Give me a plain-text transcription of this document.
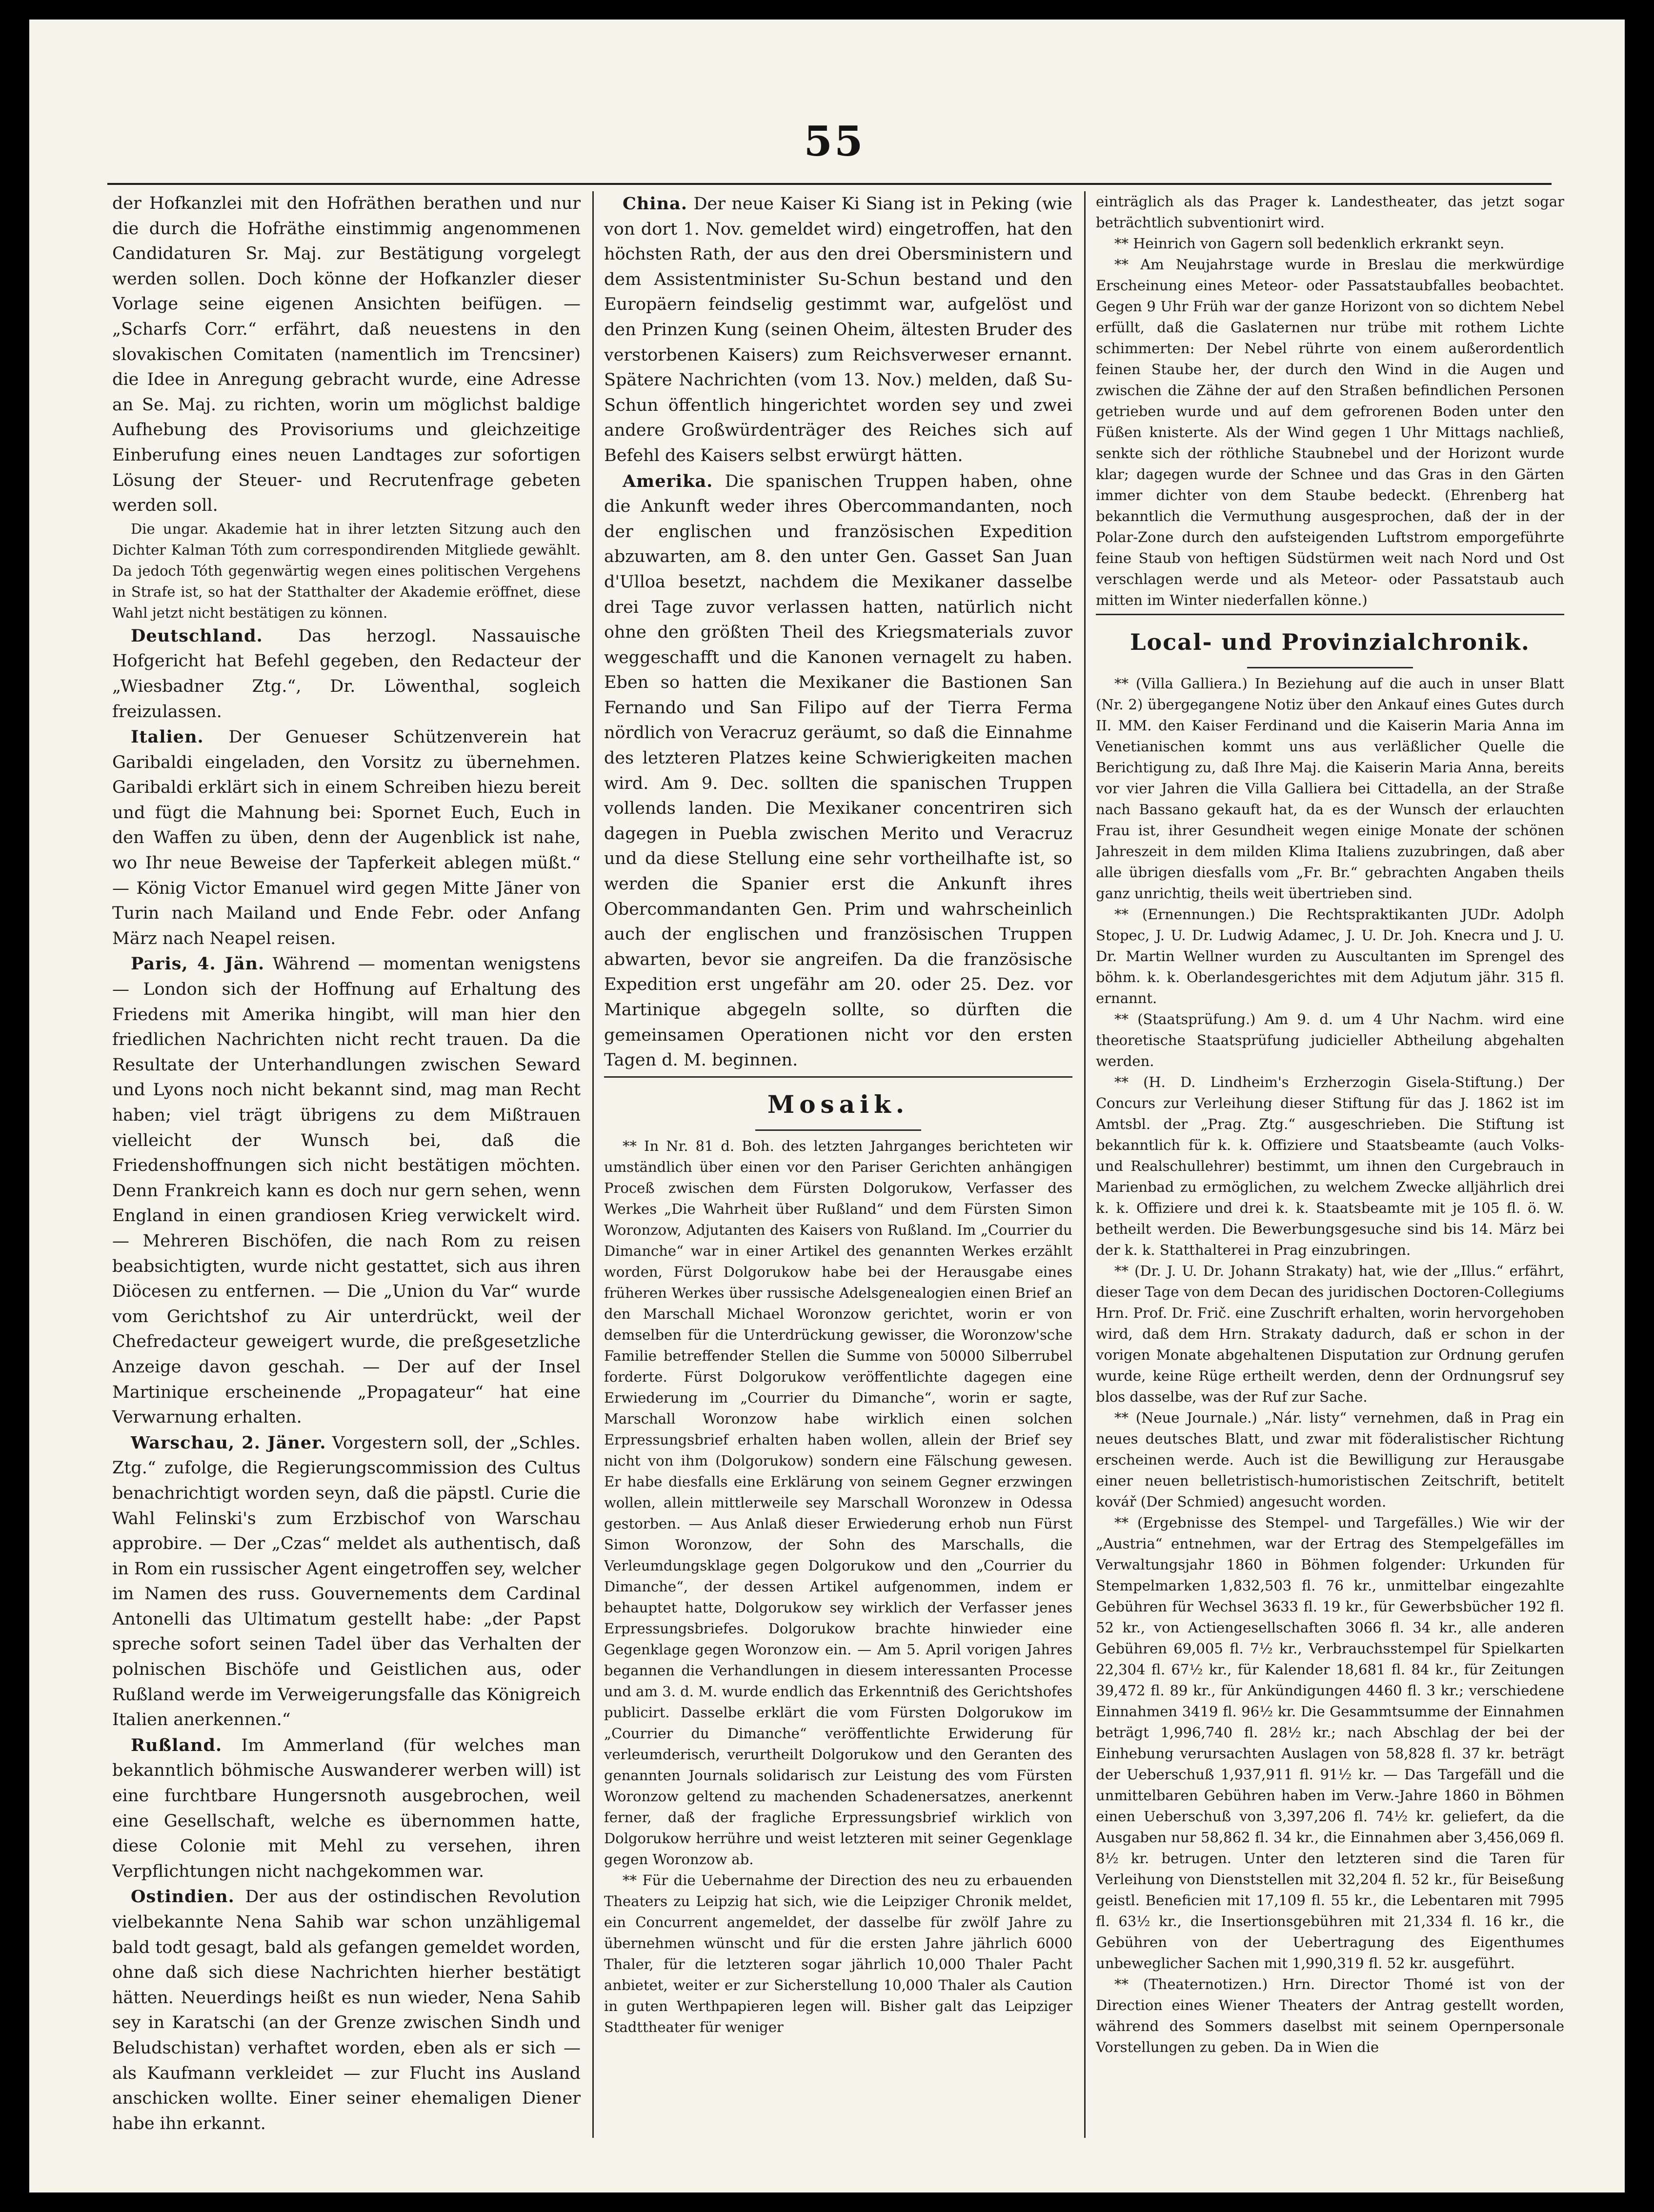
55

der Hofkanzlei mit den Hofräthen berathen und nur die durch die Hofräthe einstimmig angenommenen Candidaturen Sr. Maj. zur Bestätigung vorgelegt werden sollen. Doch könne der Hofkanzler dieser Vorlage seine eigenen Ansichten beifügen. — „Scharfs Corr.“ erfährt, daß neuestens in den slovakischen Comitaten (namentlich im Trencsiner) die Idee in Anregung gebracht wurde, eine Adresse an Se. Maj. zu richten, worin um möglichst baldige Aufhebung des Provisoriums und gleichzeitige Einberufung eines neuen Landtages zur sofortigen Lösung der Steuer- und Recrutenfrage gebeten werden soll.

Die ungar. Akademie hat in ihrer letzten Sitzung auch den Dichter Kalman Tóth zum correspondirenden Mitgliede gewählt. Da jedoch Tóth gegenwärtig wegen eines politischen Vergehens in Strafe ist, so hat der Statthalter der Akademie eröffnet, diese Wahl jetzt nicht bestätigen zu können.

Deutschland. Das herzogl. Nassauische Hofgericht hat Befehl gegeben, den Redacteur der „Wiesbadner Ztg.“, Dr. Löwenthal, sogleich freizulassen.

Italien. Der Genueser Schützenverein hat Garibaldi eingeladen, den Vorsitz zu übernehmen. Garibaldi erklärt sich in einem Schreiben hiezu bereit und fügt die Mahnung bei: Spornet Euch, Euch in den Waffen zu üben, denn der Augenblick ist nahe, wo Ihr neue Beweise der Tapferkeit ablegen müßt.“ — König Victor Emanuel wird gegen Mitte Jäner von Turin nach Mailand und Ende Febr. oder Anfang März nach Neapel reisen.

Paris, 4. Jän. Während — momentan wenigstens — London sich der Hoffnung auf Erhaltung des Friedens mit Amerika hingibt, will man hier den friedlichen Nachrichten nicht recht trauen. Da die Resultate der Unterhandlungen zwischen Seward und Lyons noch nicht bekannt sind, mag man Recht haben; viel trägt übrigens zu dem Mißtrauen vielleicht der Wunsch bei, daß die Friedenshoffnungen sich nicht bestätigen möchten. Denn Frankreich kann es doch nur gern sehen, wenn England in einen grandiosen Krieg verwickelt wird. — Mehreren Bischöfen, die nach Rom zu reisen beabsichtigten, wurde nicht gestattet, sich aus ihren Diöcesen zu entfernen. — Die „Union du Var“ wurde vom Gerichtshof zu Air unterdrückt, weil der Chefredacteur geweigert wurde, die preßgesetzliche Anzeige davon geschah. — Der auf der Insel Martinique erscheinende „Propagateur“ hat eine Verwarnung erhalten.

Warschau, 2. Jäner. Vorgestern soll, der „Schles. Ztg.“ zufolge, die Regierungscommission des Cultus benachrichtigt worden seyn, daß die päpstl. Curie die Wahl Felinski's zum Erzbischof von Warschau approbire. — Der „Czas“ meldet als authentisch, daß in Rom ein russischer Agent eingetroffen sey, welcher im Namen des russ. Gouvernements dem Cardinal Antonelli das Ultimatum gestellt habe: „der Papst spreche sofort seinen Tadel über das Verhalten der polnischen Bischöfe und Geistlichen aus, oder Rußland werde im Verweigerungsfalle das Königreich Italien anerkennen.“

Rußland. Im Ammerland (für welches man bekanntlich böhmische Auswanderer werben will) ist eine furchtbare Hungersnoth ausgebrochen, weil eine Gesellschaft, welche es übernommen hatte, diese Colonie mit Mehl zu versehen, ihren Verpflichtungen nicht nachgekommen war.

Ostindien. Der aus der ostindischen Revolution vielbekannte Nena Sahib war schon unzähligemal bald todt gesagt, bald als gefangen gemeldet worden, ohne daß sich diese Nachrichten hierher bestätigt hätten. Neuerdings heißt es nun wieder, Nena Sahib sey in Karatschi (an der Grenze zwischen Sindh und Beludschistan) verhaftet worden, eben als er sich — als Kaufmann verkleidet — zur Flucht ins Ausland anschicken wollte. Einer seiner ehemaligen Diener habe ihn erkannt.

China. Der neue Kaiser Ki Siang ist in Peking (wie von dort 1. Nov. gemeldet wird) eingetroffen, hat den höchsten Rath, der aus den drei Obersministern und dem Assistentminister Su-Schun bestand und den Europäern feindselig gestimmt war, aufgelöst und den Prinzen Kung (seinen Oheim, ältesten Bruder des verstorbenen Kaisers) zum Reichsverweser ernannt. Spätere Nachrichten (vom 13. Nov.) melden, daß Su-Schun öffentlich hingerichtet worden sey und zwei andere Großwürdenträger des Reiches sich auf Befehl des Kaisers selbst erwürgt hätten.

Amerika. Die spanischen Truppen haben, ohne die Ankunft weder ihres Obercommandanten, noch der englischen und französischen Expedition abzuwarten, am 8. den unter Gen. Gasset San Juan d'Ulloa besetzt, nachdem die Mexikaner dasselbe drei Tage zuvor verlassen hatten, natürlich nicht ohne den größten Theil des Kriegsmaterials zuvor weggeschafft und die Kanonen vernagelt zu haben. Eben so hatten die Mexikaner die Bastionen San Fernando und San Filipo auf der Tierra Ferma nördlich von Veracruz geräumt, so daß die Einnahme des letzteren Platzes keine Schwierigkeiten machen wird. Am 9. Dec. sollten die spanischen Truppen vollends landen. Die Mexikaner concentriren sich dagegen in Puebla zwischen Merito und Veracruz und da diese Stellung eine sehr vortheilhafte ist, so werden die Spanier erst die Ankunft ihres Obercommandanten Gen. Prim und wahrscheinlich auch der englischen und französischen Truppen abwarten, bevor sie angreifen. Da die französische Expedition erst ungefähr am 20. oder 25. Dez. vor Martinique abgegeln sollte, so dürften die gemeinsamen Operationen nicht vor den ersten Tagen d. M. beginnen.

Mosaik.

** In Nr. 81 d. Boh. des letzten Jahrganges berichteten wir umständlich über einen vor den Pariser Gerichten anhängigen Proceß zwischen dem Fürsten Dolgorukow, Verfasser des Werkes „Die Wahrheit über Rußland“ und dem Fürsten Simon Woronzow, Adjutanten des Kaisers von Rußland. Im „Courrier du Dimanche“ war in einer Artikel des genannten Werkes erzählt worden, Fürst Dolgorukow habe bei der Herausgabe eines früheren Werkes über russische Adelsgenealogien einen Brief an den Marschall Michael Woronzow gerichtet, worin er von demselben für die Unterdrückung gewisser, die Woronzow'sche Familie betreffender Stellen die Summe von 50000 Silberrubel forderte. Fürst Dolgorukow veröffentlichte dagegen eine Erwiederung im „Courrier du Dimanche“, worin er sagte, Marschall Woronzow habe wirklich einen solchen Erpressungsbrief erhalten haben wollen, allein der Brief sey nicht von ihm (Dolgorukow) sondern eine Fälschung gewesen. Er habe diesfalls eine Erklärung von seinem Gegner erzwingen wollen, allein mittlerweile sey Marschall Woronzew in Odessa gestorben. — Aus Anlaß dieser Erwiederung erhob nun Fürst Simon Woronzow, der Sohn des Marschalls, die Verleumdungsklage gegen Dolgorukow und den „Courrier du Dimanche“, der dessen Artikel aufgenommen, indem er behauptet hatte, Dolgorukow sey wirklich der Verfasser jenes Erpressungsbriefes. Dolgorukow brachte hinwieder eine Gegenklage gegen Woronzow ein. — Am 5. April vorigen Jahres begannen die Verhandlungen in diesem interessanten Processe und am 3. d. M. wurde endlich das Erkenntniß des Gerichtshofes publicirt. Dasselbe erklärt die vom Fürsten Dolgorukow im „Courrier du Dimanche“ veröffentlichte Erwiderung für verleumderisch, verurtheilt Dolgorukow und den Geranten des genannten Journals solidarisch zur Leistung des vom Fürsten Woronzow geltend zu machenden Schadenersatzes, anerkennt ferner, daß der fragliche Erpressungsbrief wirklich von Dolgorukow herrühre und weist letzteren mit seiner Gegenklage gegen Woronzow ab.

** Für die Uebernahme der Direction des neu zu erbauenden Theaters zu Leipzig hat sich, wie die Leipziger Chronik meldet, ein Concurrent angemeldet, der dasselbe für zwölf Jahre zu übernehmen wünscht und für die ersten Jahre jährlich 6000 Thaler, für die letzteren sogar jährlich 10,000 Thaler Pacht anbietet, weiter er zur Sicherstellung 10,000 Thaler als Caution in guten Werthpapieren legen will. Bisher galt das Leipziger Stadttheater für weniger

einträglich als das Prager k. Landestheater, das jetzt sogar beträchtlich subventionirt wird.

** Heinrich von Gagern soll bedenklich erkrankt seyn.

** Am Neujahrstage wurde in Breslau die merkwürdige Erscheinung eines Meteor- oder Passatstaubfalles beobachtet. Gegen 9 Uhr Früh war der ganze Horizont von so dichtem Nebel erfüllt, daß die Gaslaternen nur trübe mit rothem Lichte schimmerten: Der Nebel rührte von einem außerordentlich feinen Staube her, der durch den Wind in die Augen und zwischen die Zähne der auf den Straßen befindlichen Personen getrieben wurde und auf dem gefrorenen Boden unter den Füßen knisterte. Als der Wind gegen 1 Uhr Mittags nachließ, senkte sich der röthliche Staubnebel und der Horizont wurde klar; dagegen wurde der Schnee und das Gras in den Gärten immer dichter von dem Staube bedeckt. (Ehrenberg hat bekanntlich die Vermuthung ausgesprochen, daß der in der Polar-Zone durch den aufsteigenden Luftstrom emporgeführte feine Staub von heftigen Südstürmen weit nach Nord und Ost verschlagen werde und als Meteor- oder Passatstaub auch mitten im Winter niederfallen könne.)

Local- und Provinzialchronik.

** (Villa Galliera.) In Beziehung auf die auch in unser Blatt (Nr. 2) übergegangene Notiz über den Ankauf eines Gutes durch II. MM. den Kaiser Ferdinand und die Kaiserin Maria Anna im Venetianischen kommt uns aus verläßlicher Quelle die Berichtigung zu, daß Ihre Maj. die Kaiserin Maria Anna, bereits vor vier Jahren die Villa Galliera bei Cittadella, an der Straße nach Bassano gekauft hat, da es der Wunsch der erlauchten Frau ist, ihrer Gesundheit wegen einige Monate der schönen Jahreszeit in dem milden Klima Italiens zuzubringen, daß aber alle übrigen diesfalls vom „Fr. Br.“ gebrachten Angaben theils ganz unrichtig, theils weit übertrieben sind.

** (Ernennungen.) Die Rechtspraktikanten JUDr. Adolph Stopec, J. U. Dr. Ludwig Adamec, J. U. Dr. Joh. Knecra und J. U. Dr. Martin Wellner wurden zu Auscultanten im Sprengel des böhm. k. k. Oberlandesgerichtes mit dem Adjutum jähr. 315 fl. ernannt.

** (Staatsprüfung.) Am 9. d. um 4 Uhr Nachm. wird eine theoretische Staatsprüfung judicieller Abtheilung abgehalten werden.

** (H. D. Lindheim's Erzherzogin Gisela-Stiftung.) Der Concurs zur Verleihung dieser Stiftung für das J. 1862 ist im Amtsbl. der „Prag. Ztg.“ ausgeschrieben. Die Stiftung ist bekanntlich für k. k. Offiziere und Staatsbeamte (auch Volks- und Realschullehrer) bestimmt, um ihnen den Curgebrauch in Marienbad zu ermöglichen, zu welchem Zwecke alljährlich drei k. k. Offiziere und drei k. k. Staatsbeamte mit je 105 fl. ö. W. betheilt werden. Die Bewerbungsgesuche sind bis 14. März bei der k. k. Statthalterei in Prag einzubringen.

** (Dr. J. U. Dr. Johann Strakaty) hat, wie der „Illus.“ erfährt, dieser Tage von dem Decan des juridischen Doctoren-Collegiums Hrn. Prof. Dr. Frič. eine Zuschrift erhalten, worin hervorgehoben wird, daß dem Hrn. Strakaty dadurch, daß er schon in der vorigen Monate abgehaltenen Disputation zur Ordnung gerufen wurde, keine Rüge ertheilt werden, denn der Ordnungsruf sey blos dasselbe, was der Ruf zur Sache.

** (Neue Journale.) „Nár. listy“ vernehmen, daß in Prag ein neues deutsches Blatt, und zwar mit föderalistischer Richtung erscheinen werde. Auch ist die Bewilligung zur Herausgabe einer neuen belletristisch-humoristischen Zeitschrift, betitelt kovář (Der Schmied) angesucht worden.

** (Ergebnisse des Stempel- und Targefälles.) Wie wir der „Austria“ entnehmen, war der Ertrag des Stempelgefälles im Verwaltungsjahr 1860 in Böhmen folgender: Urkunden für Stempelmarken 1,832,503 fl. 76 kr., unmittelbar eingezahlte Gebühren für Wechsel 3633 fl. 19 kr., für Gewerbsbücher 192 fl. 52 kr., von Actiengesellschaften 3066 fl. 34 kr., alle anderen Gebühren 69,005 fl. 7½ kr., Verbrauchsstempel für Spielkarten 22,304 fl. 67½ kr., für Kalender 18,681 fl. 84 kr., für Zeitungen 39,472 fl. 89 kr., für Ankündigungen 4460 fl. 3 kr.; verschiedene Einnahmen 3419 fl. 96½ kr. Die Gesammtsumme der Einnahmen beträgt 1,996,740 fl. 28½ kr.; nach Abschlag der bei der Einhebung verursachten Auslagen von 58,828 fl. 37 kr. beträgt der Ueberschuß 1,937,911 fl. 91½ kr. — Das Targefäll und die unmittelbaren Gebühren haben im Verw.-Jahre 1860 in Böhmen einen Ueberschuß von 3,397,206 fl. 74½ kr. geliefert, da die Ausgaben nur 58,862 fl. 34 kr., die Einnahmen aber 3,456,069 fl. 8½ kr. betrugen. Unter den letzteren sind die Taren für Verleihung von Dienststellen mit 32,204 fl. 52 kr., für Beiseßung geistl. Beneficien mit 17,109 fl. 55 kr., die Lebentaren mit 7995 fl. 63½ kr., die Insertionsgebühren mit 21,334 fl. 16 kr., die Gebühren von der Uebertragung des Eigenthumes unbeweglicher Sachen mit 1,990,319 fl. 52 kr. ausgeführt.

** (Theaternotizen.) Hrn. Director Thomé ist von der Direction eines Wiener Theaters der Antrag gestellt worden, während des Sommers daselbst mit seinem Opernpersonale Vorstellungen zu geben. Da in Wien die
